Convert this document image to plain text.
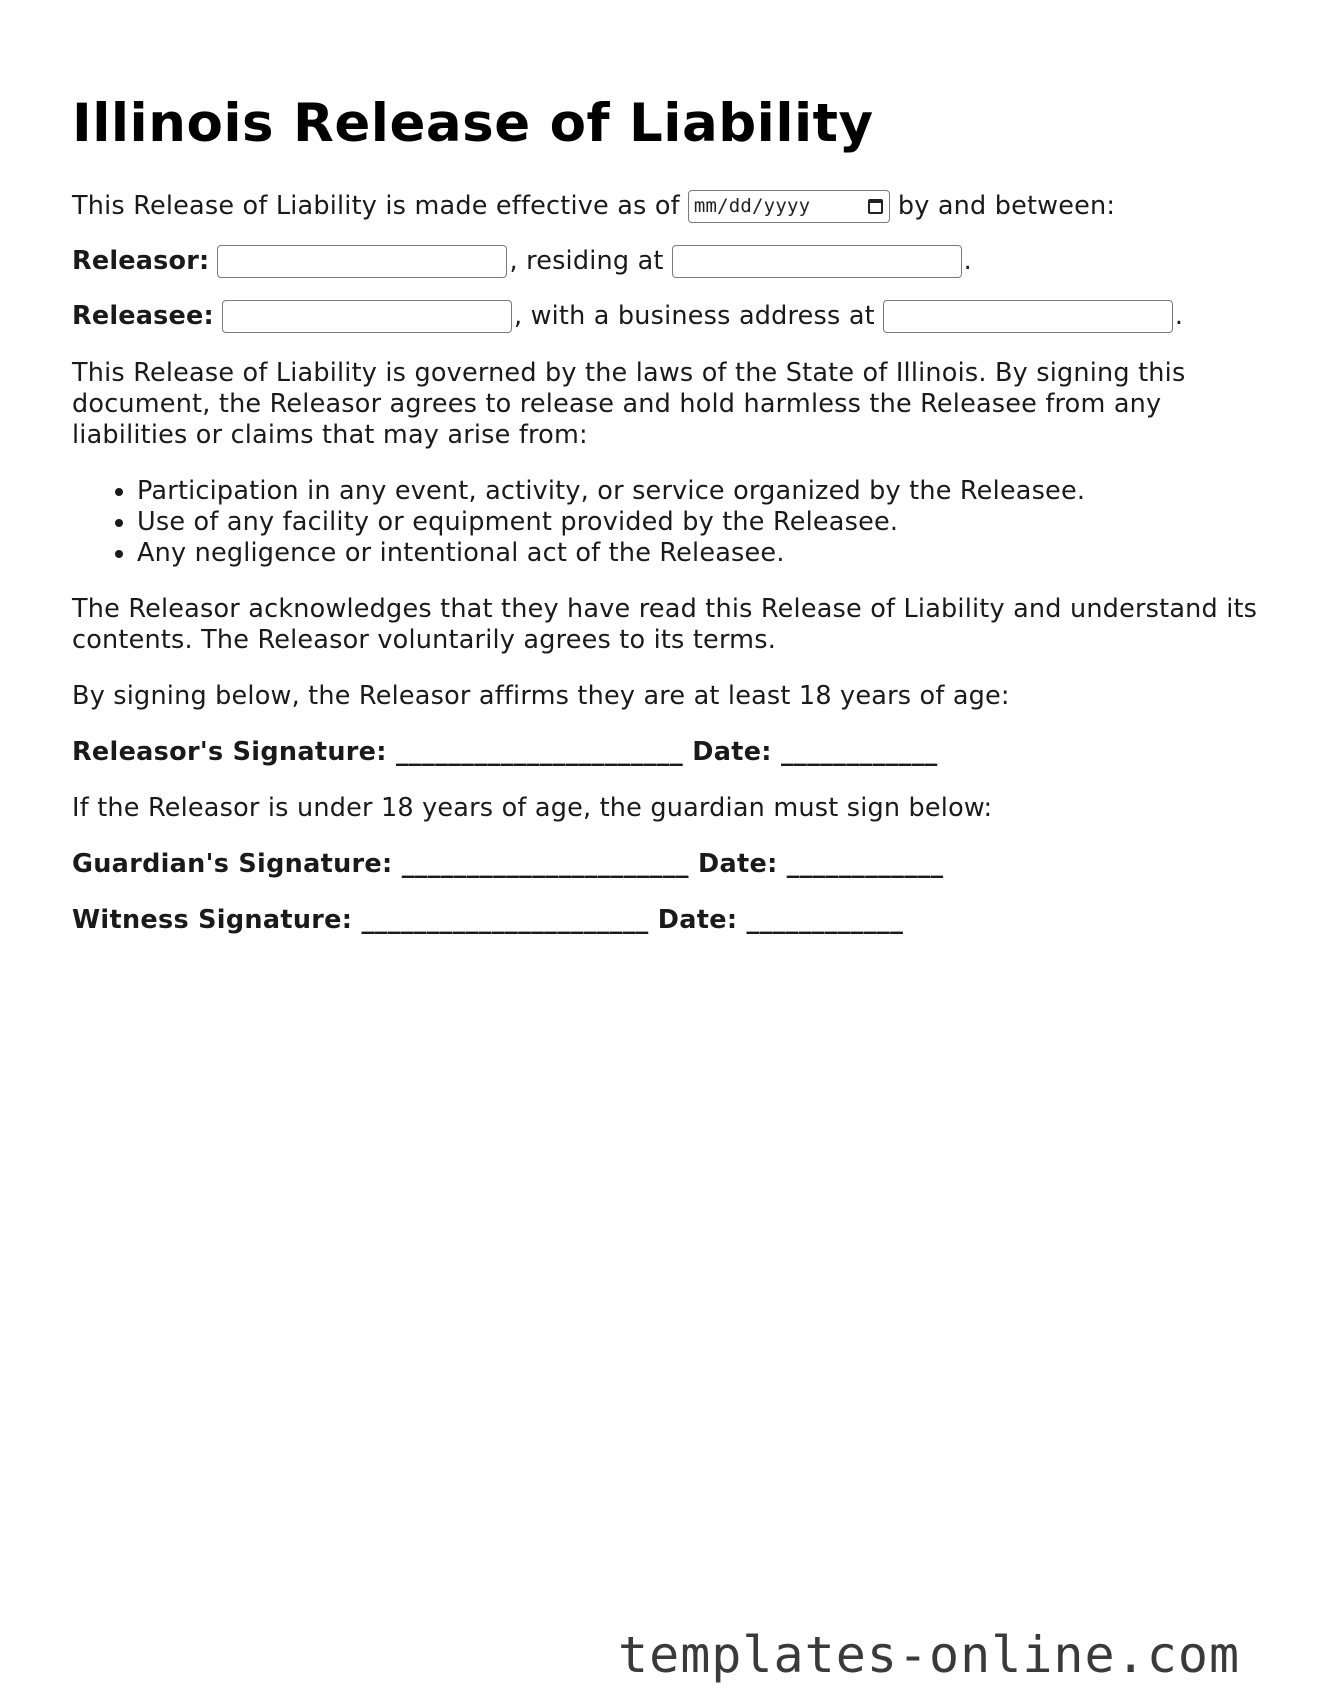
Illinois Release of Liability
This Release of Liability is made effective as of mm/dd/yyyy	by and between:
Releasor:	, residing at	.
Releasee:	, with a business address at	.

This Release of Liability is governed by the laws of the State of Illinois. By signing this document, the Releasor agrees to release and hold harmless the Releasee from any liabilities or claims that may arise from:

• Participation in any event, activity, or service organized by the Releasee.
• Use of any facility or equipment provided by the Releasee.
• Any negligence or intentional act of the Releasee.

The Releasor acknowledges that they have read this Release of Liability and understand its contents. The Releasor voluntarily agrees to its terms.

By signing below, the Releasor affirms they are at least 18 years of age:

Releasor's Signature: ______________________ Date: ____________

If the Releasor is under 18 years of age, the guardian must sign below:

Guardian's Signature: ______________________ Date: ____________
Witness Signature: ______________________ Date: ____________
templates-online.com
